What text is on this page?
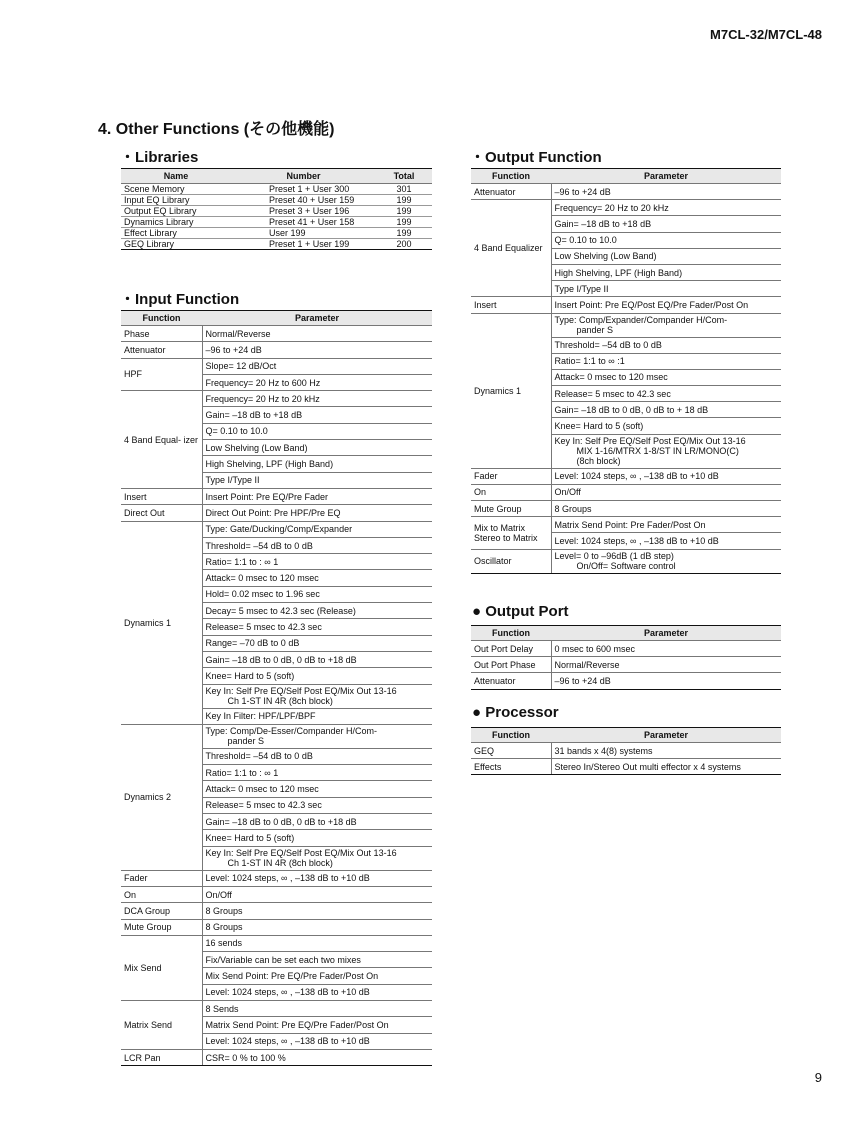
M7CL-32/M7CL-48
4. Other Functions (その他機能)
・Libraries
Name	Number	Total
Scene Memory	Preset 1 + User 300	301
Input EQ Library	Preset 40 + User 159	199
Output EQ Library	Preset 3 + User 196	199
Dynamics Library	Preset 41 + User 158	199
Effect Library	User 199	199
GEQ Library	Preset 1 + User 199	200
・Input Function
Function	Parameter
Phase	Normal/Reverse
Attenuator	–96 to +24 dB
HPF	Slope= 12 dB/Oct
	Frequency= 20 Hz to 600 Hz
4 Band Equal- izer	Frequency= 20 Hz to 20 kHz
	Gain= –18 dB to +18 dB
	Q= 0.10 to 10.0
	Low Shelving (Low Band)
	High Shelving, LPF (High Band)
	Type I/Type II
Insert	Insert Point: Pre EQ/Pre Fader
Direct Out	Direct Out Point: Pre HPF/Pre EQ
Dynamics 1	Type: Gate/Ducking/Comp/Expander
	Threshold= –54 dB to 0 dB
	Ratio= 1:1 to : ∞ 1
	Attack= 0 msec to 120 msec
	Hold= 0.02 msec to 1.96 sec
	Decay= 5 msec to 42.3 sec (Release)
	Release= 5 msec to 42.3 sec
	Range= –70 dB to 0 dB
	Gain= –18 dB to 0 dB, 0 dB to +18 dB
	Knee= Hard to 5 (soft)
	Key In: Self Pre EQ/Self Post EQ/Mix Out 13-16
Ch 1-ST IN 4R (8ch block)

	Key In Filter: HPF/LPF/BPF
Dynamics 2	Type: Comp/De-Esser/Compander H/Com-
pander S

	Threshold= –54 dB to 0 dB
	Ratio= 1:1 to : ∞ 1
	Attack= 0 msec to 120 msec
	Release= 5 msec to 42.3 sec
	Gain= –18 dB to 0 dB, 0 dB to +18 dB
	Knee= Hard to 5 (soft)
	Key In: Self Pre EQ/Self Post EQ/Mix Out 13-16
Ch 1-ST IN 4R (8ch block)

Fader	Level: 1024 steps, ∞ , –138 dB to +10 dB
On	On/Off
DCA Group	8 Groups
Mute Group	8 Groups
Mix Send	16 sends
	Fix/Variable can be set each two mixes
	Mix Send Point: Pre EQ/Pre Fader/Post On
	Level: 1024 steps, ∞ , –138 dB to +10 dB
Matrix Send	8 Sends
	Matrix Send Point: Pre EQ/Pre Fader/Post On
	Level: 1024 steps, ∞ , –138 dB to +10 dB
LCR Pan	CSR= 0 % to 100 %
・Output Function
Function	Parameter
Attenuator	–96 to +24 dB
4 Band Equalizer	Frequency= 20 Hz to 20 kHz
	Gain= –18 dB to +18 dB
	Q= 0.10 to 10.0
	Low Shelving (Low Band)
	High Shelving, LPF (High Band)
	Type I/Type II
Insert	Insert Point: Pre EQ/Post EQ/Pre Fader/Post On
Dynamics 1	Type: Comp/Expander/Compander H/Com-
pander S

	Threshold= –54 dB to 0 dB
	Ratio= 1:1 to ∞ :1
	Attack= 0 msec to 120 msec
	Release= 5 msec to 42.3 sec
	Gain= –18 dB to 0 dB, 0 dB to + 18 dB
	Knee= Hard to 5 (soft)
	Key In: Self Pre EQ/Self Post EQ/Mix Out 13-16
MIX 1-16/MTRX 1-8/ST IN LR/MONO(C)
(8ch block)

Fader	Level: 1024 steps, ∞ , –138 dB to +10 dB
On	On/Off
Mute Group	8 Groups
Mix to Matrix Stereo to Matrix	Matrix Send Point: Pre Fader/Post On
	Level: 1024 steps, ∞ , –138 dB to +10 dB
Oscillator	Level= 0 to –96dB (1 dB step)
On/Off= Software control
● Output Port
Function	Parameter
Out Port Delay	0 msec to 600 msec
Out Port Phase	Normal/Reverse
Attenuator	–96 to +24 dB
● Processor
Function	Parameter
GEQ	31 bands x 4(8) systems
Effects	Stereo In/Stereo Out multi effector x 4 systems
9
